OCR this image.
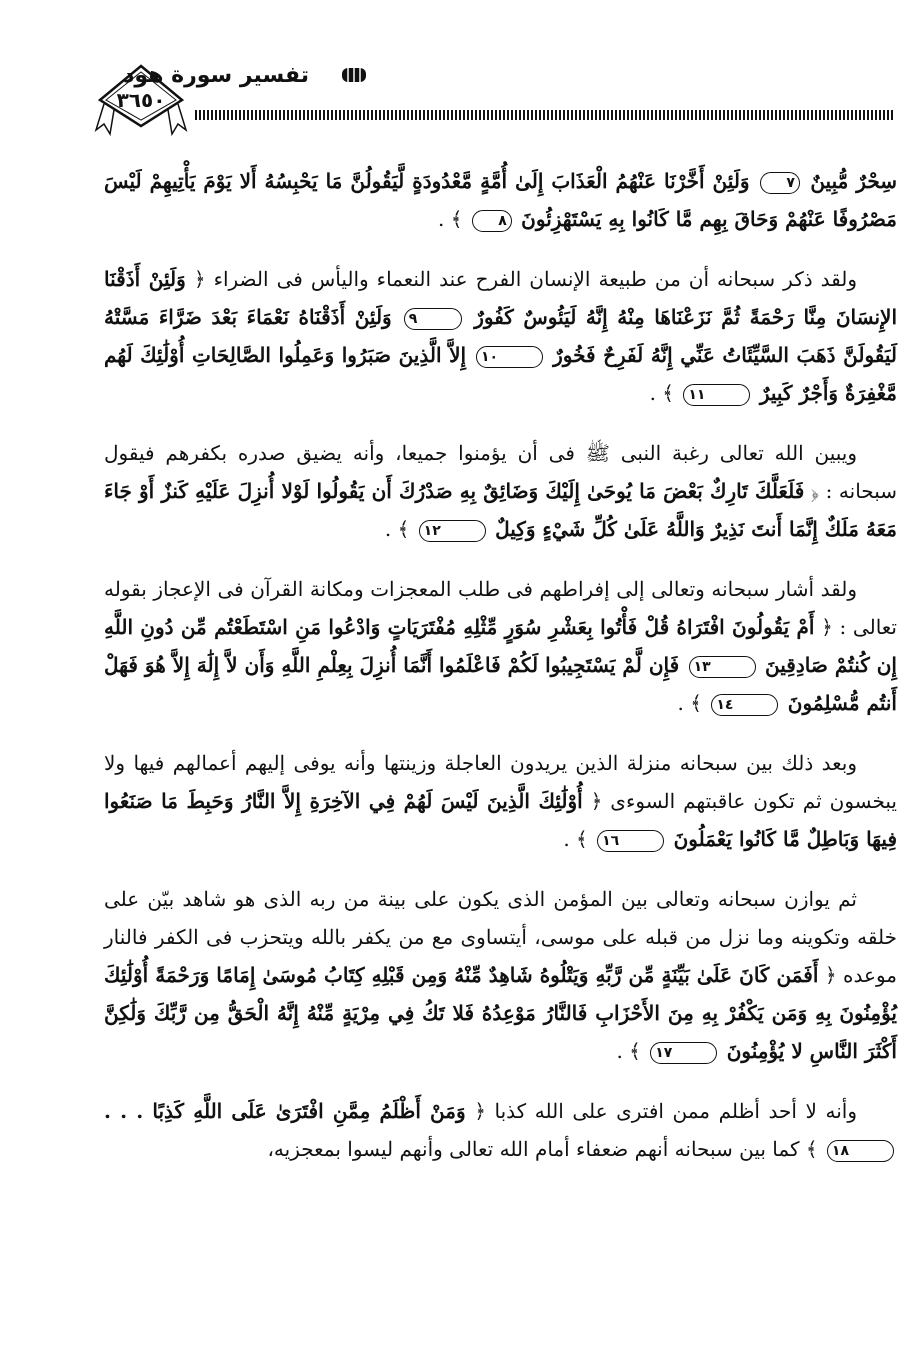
٣٦٥٠
تفسير سورة هود

سِحْرٌ مُّبِينٌ ٧ وَلَئِنْ أَخَّرْنَا عَنْهُمُ الْعَذَابَ إِلَىٰ أُمَّةٍ مَّعْدُودَةٍ لَّيَقُولُنَّ مَا يَحْبِسُهُ أَلا يَوْمَ يَأْتِيهِمْ لَيْسَ مَصْرُوفًا عَنْهُمْ وَحَاقَ بِهِم مَّا كَانُوا بِهِ يَسْتَهْزِئُونَ ٨ ﴾ .

ولقد ذكر سبحانه أن من طبيعة الإنسان الفرح عند النعماء واليأس فى الضراء ﴿ وَلَئِنْ أَذَقْنَا الإِنسَانَ مِنَّا رَحْمَةً ثُمَّ نَزَعْنَاهَا مِنْهُ إِنَّهُ لَيَئُوسٌ كَفُورٌ ٩ وَلَئِنْ أَذَقْنَاهُ نَعْمَاءَ بَعْدَ ضَرَّاءَ مَسَّتْهُ لَيَقُولَنَّ ذَهَبَ السَّيِّئَاتُ عَنِّي إِنَّهُ لَفَرِحٌ فَخُورٌ ١٠ إِلاَّ الَّذِينَ صَبَرُوا وَعَمِلُوا الصَّالِحَاتِ أُوْلَٰئِكَ لَهُم مَّغْفِرَةٌ وَأَجْرٌ كَبِيرٌ ١١ ﴾ .

ويبين الله تعالى رغبة النبى ﷺ فى أن يؤمنوا جميعا، وأنه يضيق صدره بكفرهم فيقول سبحانه : ﴿ فَلَعَلَّكَ تَارِكٌ بَعْضَ مَا يُوحَىٰ إِلَيْكَ وَضَائِقٌ بِهِ صَدْرُكَ أَن يَقُولُوا لَوْلا أُنزِلَ عَلَيْهِ كَنزٌ أَوْ جَاءَ مَعَهُ مَلَكٌ إِنَّمَا أَنتَ نَذِيرٌ وَاللَّهُ عَلَىٰ كُلِّ شَيْءٍ وَكِيلٌ ١٢ ﴾ .

ولقد أشار سبحانه وتعالى إلى إفراطهم فى طلب المعجزات ومكانة القرآن فى الإعجاز بقوله تعالى : ﴿ أَمْ يَقُولُونَ افْتَرَاهُ قُلْ فَأْتُوا بِعَشْرِ سُوَرٍ مِّثْلِهِ مُفْتَرَيَاتٍ وَادْعُوا مَنِ اسْتَطَعْتُم مِّن دُونِ اللَّهِ إِن كُنتُمْ صَادِقِينَ ١٣ فَإِن لَّمْ يَسْتَجِيبُوا لَكُمْ فَاعْلَمُوا أَنَّمَا أُنزِلَ بِعِلْمِ اللَّهِ وَأَن لاَّ إِلَٰهَ إِلاَّ هُوَ فَهَلْ أَنتُم مُّسْلِمُونَ ١٤ ﴾ .

وبعد ذلك بين سبحانه منزلة الذين يريدون العاجلة وزينتها وأنه يوفى إليهم أعمالهم فيها ولا يبخسون ثم تكون عاقبتهم السوءى ﴿ أُوْلَٰئِكَ الَّذِينَ لَيْسَ لَهُمْ فِي الآخِرَةِ إِلاَّ النَّارُ وَحَبِطَ مَا صَنَعُوا فِيهَا وَبَاطِلٌ مَّا كَانُوا يَعْمَلُونَ ١٦ ﴾ .

ثم يوازن سبحانه وتعالى بين المؤمن الذى يكون على بينة من ربه الذى هو شاهد بيّن على خلقه وتكوينه وما نزل من قبله على موسى، أيتساوى مع من يكفر بالله ويتحزب فى الكفر فالنار موعده ﴿ أَفَمَن كَانَ عَلَىٰ بَيِّنَةٍ مِّن رَّبِّهِ وَيَتْلُوهُ شَاهِدٌ مِّنْهُ وَمِن قَبْلِهِ كِتَابُ مُوسَىٰ إِمَامًا وَرَحْمَةً أُوْلَٰئِكَ يُؤْمِنُونَ بِهِ وَمَن يَكْفُرْ بِهِ مِنَ الأَحْزَابِ فَالنَّارُ مَوْعِدُهُ فَلا تَكُ فِي مِرْيَةٍ مِّنْهُ إِنَّهُ الْحَقُّ مِن رَّبِّكَ وَلَٰكِنَّ أَكْثَرَ النَّاسِ لا يُؤْمِنُونَ ١٧ ﴾ .

وأنه لا أحد أظلم ممن افترى على الله كذبا ﴿ وَمَنْ أَظْلَمُ مِمَّنِ افْتَرَىٰ عَلَى اللَّهِ كَذِبًا . . . ١٨ ﴾ كما بين سبحانه أنهم ضعفاء أمام الله تعالى وأنهم ليسوا بمعجزيه،
